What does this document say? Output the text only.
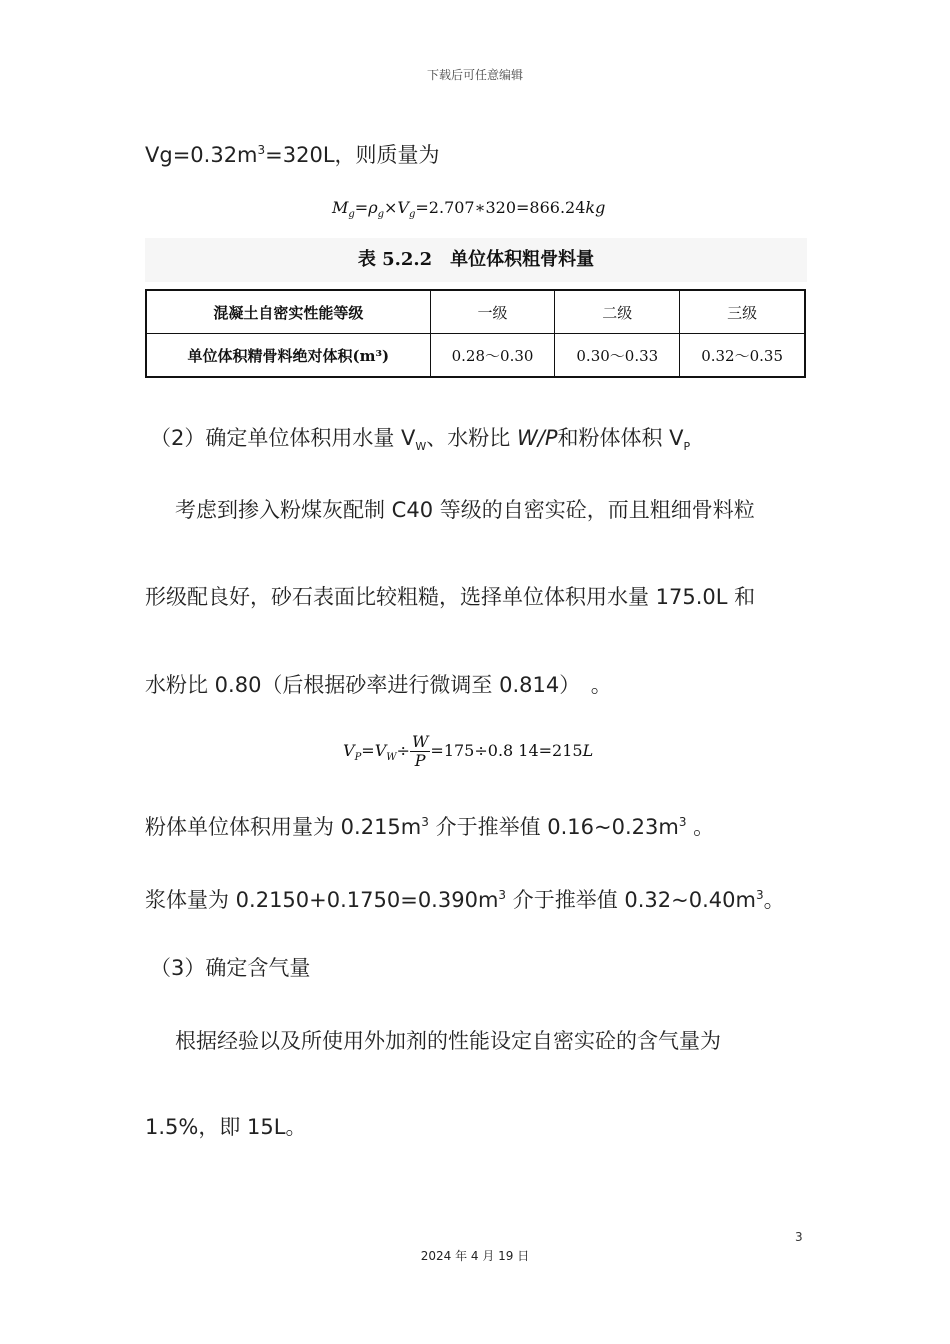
下载后可任意编辑
$Vg=0.32m^3=320L$，则质量为
$M_g=\rho_g\times V_g=2.707∗320=866.24kg$
表 5.2.2　单位体积粗骨料量
混凝土自密实性能等级	一级	二级	三级
单位体积精骨料绝对体积(m³)	0.28～0.30	0.30～0.33	0.32～0.35
（2）确定单位体积用水量 $V_W$、水粉比 W/P和粉体体积 $V_P$
考虑到掺入粉煤灰配制 C40 等级的自密实砼，而且粗细骨料粒
形级配良好，砂石表面比较粗糙，选择单位体积用水量 175.0L 和
水粉比 0.80（后根据砂率进行微调至 0.814）　。
$V_P=V_W\div \frac{W}{P} =175\div 0.8$ 14=215L
粉体单位体积用量为 $0.215m^3$ 介于推举值 $0.16\sim 0.23m^3$ 。
浆体量为 $0.2150+0.1750=0.390m^3$ 介于推举值 $0.32\sim 0.40m^3$。
（3）确定含气量
根据经验以及所使用外加剂的性能设定自密实砼的含气量为
1.5%，即 15L。
3
2024 年 4 月 19 日
